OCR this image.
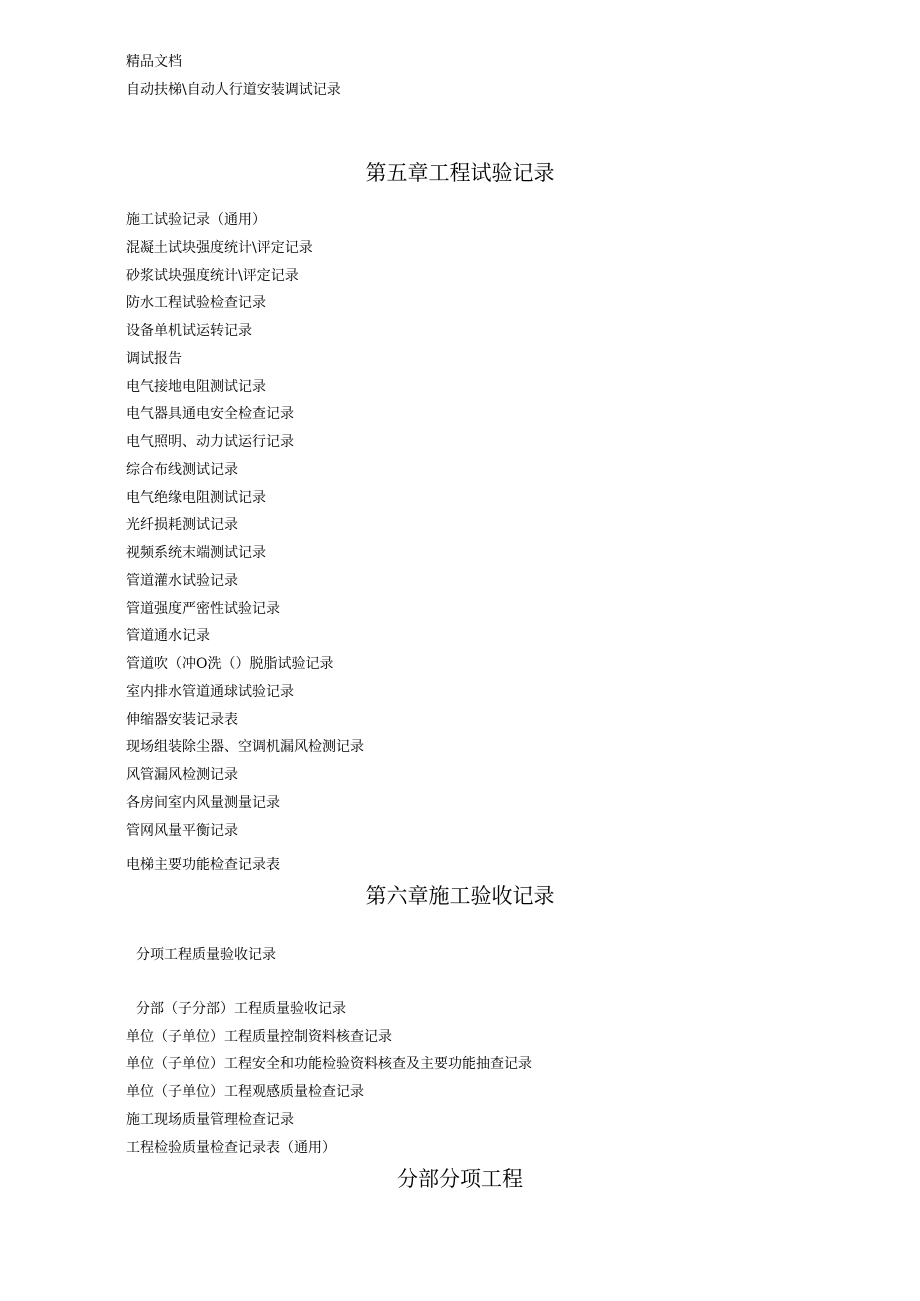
精品文档
自动扶梯\自动人行道安装调试记录
第五章工程试验记录
施工试验记录（通用）
混凝土试块强度统计\评定记录
砂浆试块强度统计\评定记录
防水工程试验检查记录
设备单机试运转记录
调试报告
电气接地电阻测试记录
电气器具通电安全检查记录
电气照明、动力试运行记录
综合布线测试记录
电气绝缘电阻测试记录
光纤损耗测试记录
视频系统末端测试记录
管道灌水试验记录
管道强度严密性试验记录
管道通水记录
管道吹（冲O洗（）脱脂试验记录
室内排水管道通球试验记录
伸缩器安装记录表
现场组装除尘器、空调机漏风检测记录
风管漏风检测记录
各房间室内风量测量记录
管网风量平衡记录
电梯主要功能检查记录表
第六章施工验收记录
分项工程质量验收记录
分部（子分部）工程质量验收记录
单位（子单位）工程质量控制资料核查记录
单位（子单位）工程安全和功能检验资料核查及主要功能抽查记录
单位（子单位）工程观感质量检查记录
施工现场质量管理检查记录
工程检验质量检查记录表（通用）
分部分项工程
